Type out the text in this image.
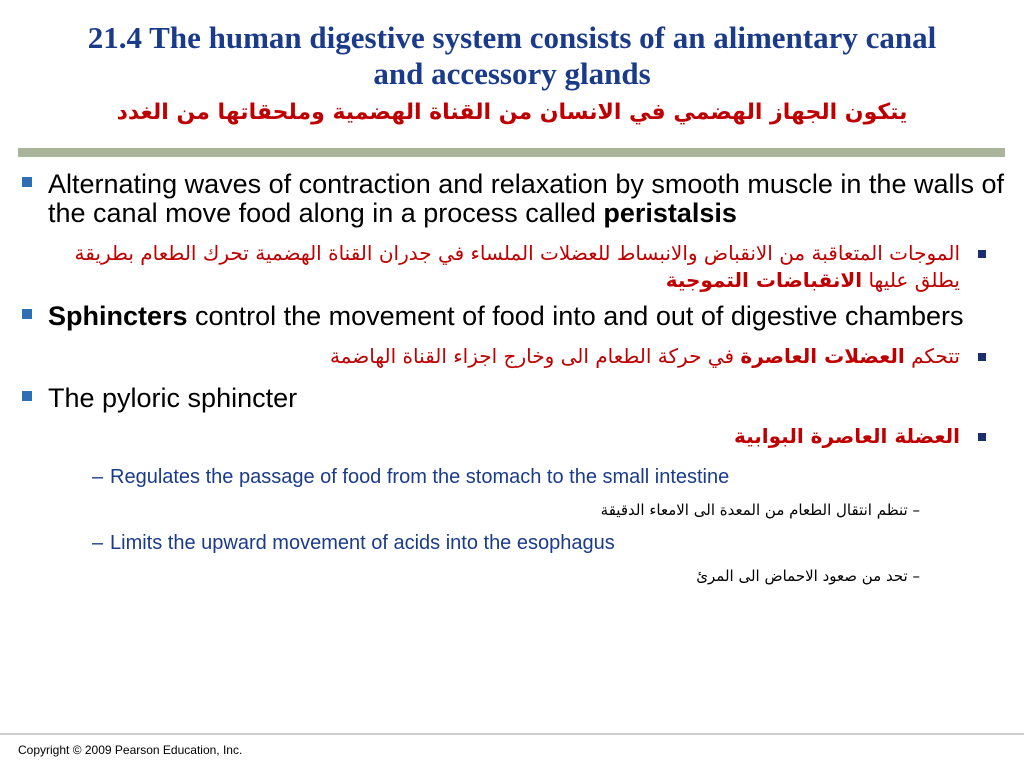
21.4 The human digestive system consists of an alimentary canal
and accessory glands
يتكون الجهاز الهضمي في الانسان من القناة الهضمية وملحقاتها من الغدد
Alternating waves of contraction and relaxation by smooth muscle in the walls of the canal move food along in a process called peristalsis
الموجات المتعاقبة من الانقباض والانبساط للعضلات الملساء في جدران القناة الهضمية تحرك الطعام بطريقة يطلق عليها الانقباضات التموجية
Sphincters control the movement of food into and out of digestive chambers
تتحكم العضلات العاصرة في حركة الطعام الى وخارج اجزاء القناة الهاضمة
The pyloric sphincter
العضلة العاصرة البوابية
– Regulates the passage of food from the stomach to the small intestine
– تنظم انتقال الطعام من المعدة الى الامعاء الدقيقة
– Limits the upward movement of acids into the esophagus
– تحد من صعود الاحماض الى المرئ
Copyright © 2009 Pearson Education, Inc.
